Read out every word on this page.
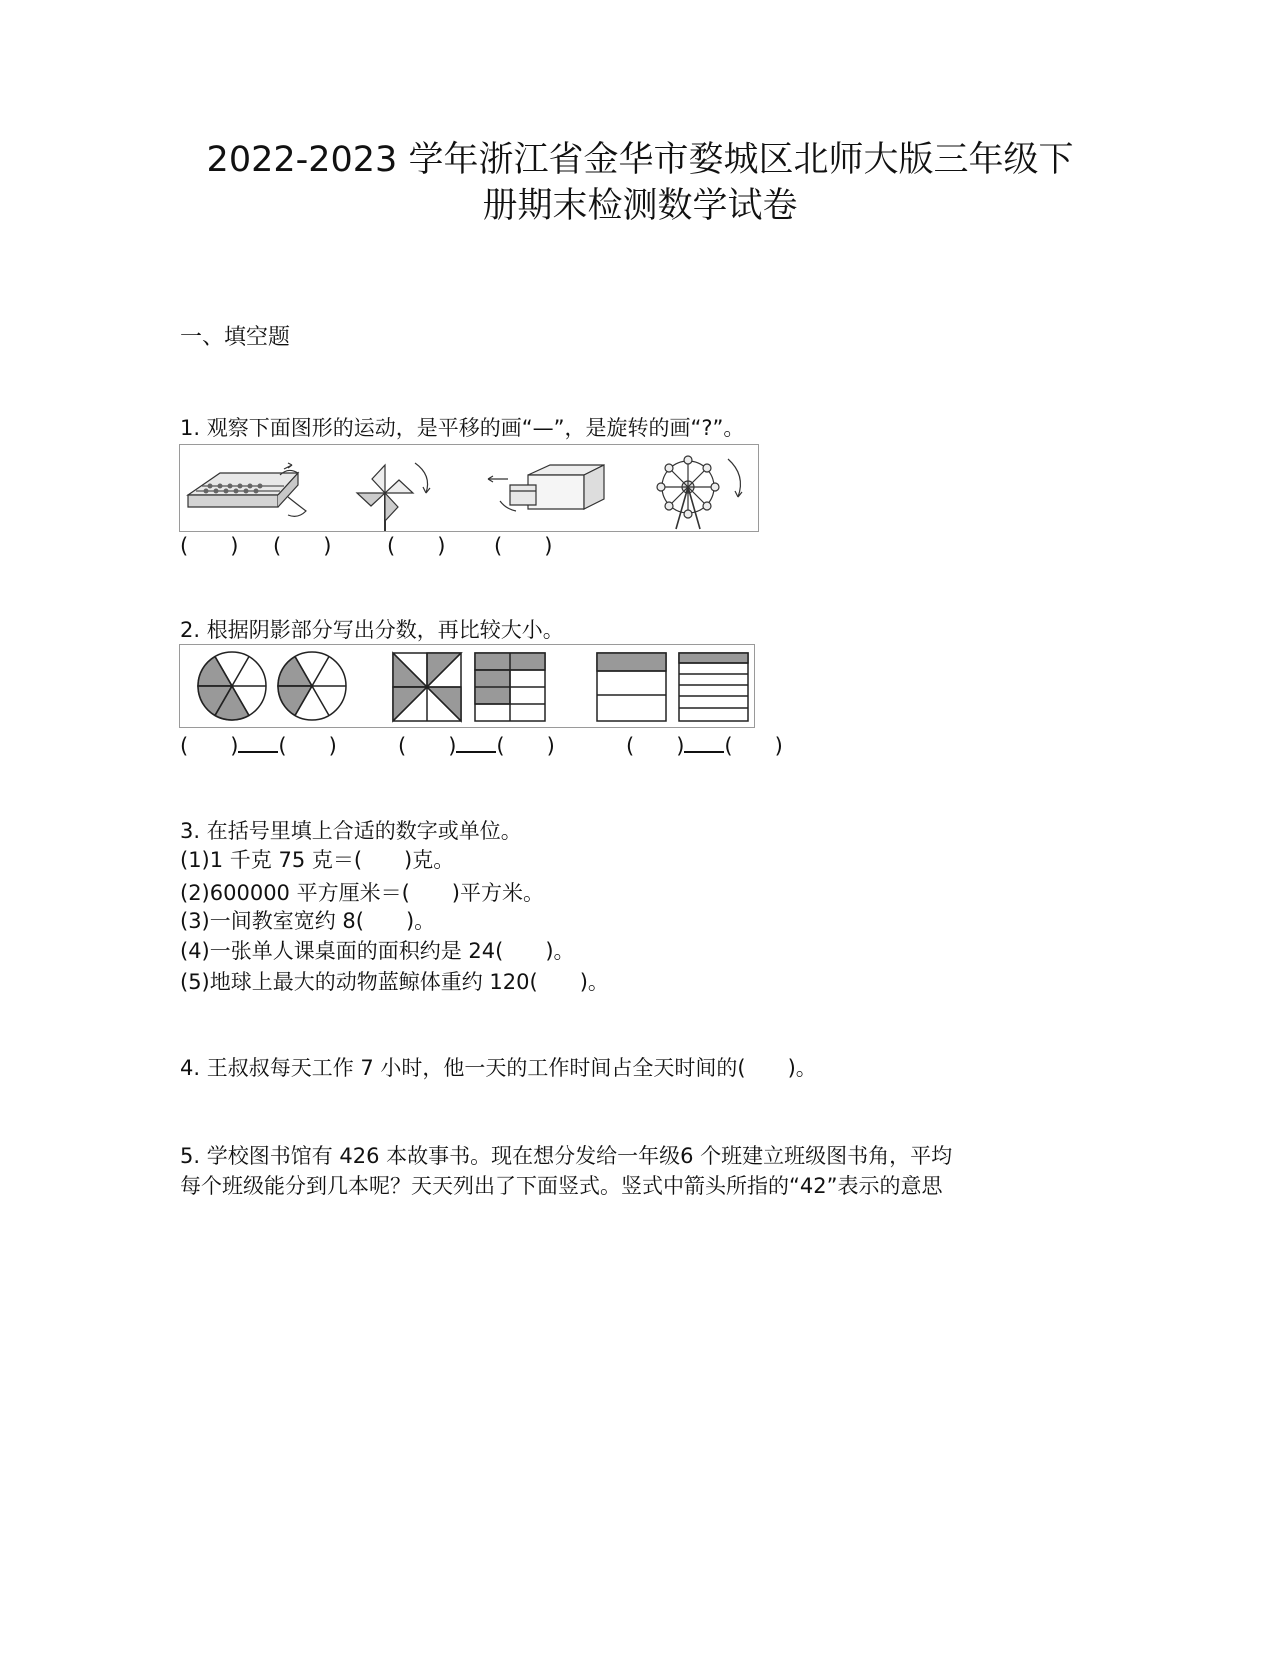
2022-2023 学年浙江省金华市婺城区北师大版三年级下
册期末检测数学试卷
一、填空题
1. 观察下面图形的运动，是平移的画“—”，是旋转的画“?”。
(　　) (　　)	(　　) (　　)
2. 根据阴影部分写出分数，再比较大小。
(　　) (　　)	(　　) (　　)	(　　) (　　)
3. 在括号里填上合适的数字或单位。
(1)1 千克 75 克＝(　　)克。
(2)600000 平方厘米＝(　　)平方米。
(3)一间教室宽约 8(　　)。
(4)一张单人课桌面的面积约是 24(　　)。
(5)地球上最大的动物蓝鲸体重约 120(　　)。
4. 王叔叔每天工作 7 小时，他一天的工作时间占全天时间的(　　)。
5. 学校图书馆有 426 本故事书。现在想分发给一年级6 个班建立班级图书角，平均
每个班级能分到几本呢？天天列出了下面竖式。竖式中箭头所指的“42”表示的意思
